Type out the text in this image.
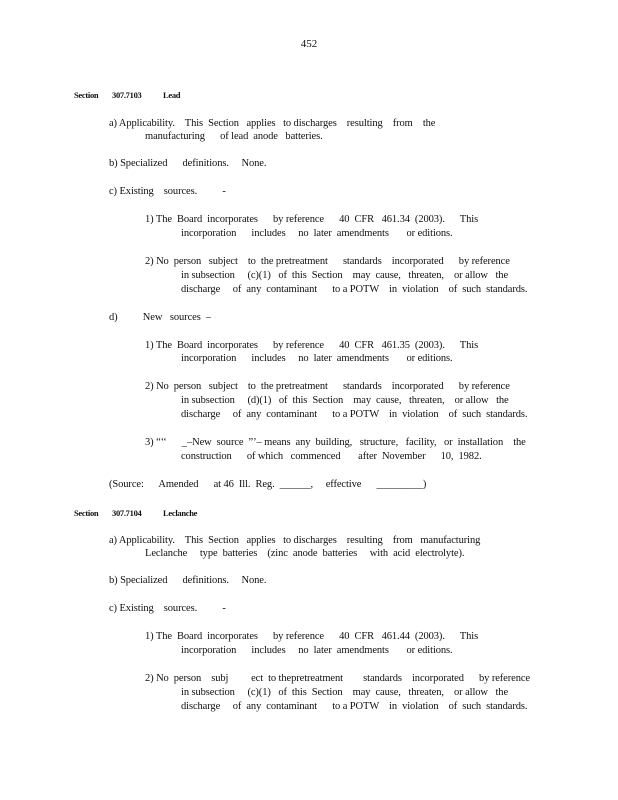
452
Section 307.7103	Lead
a) Applicability.    This  Section   applies   to discharges    resulting    from    the
manufacturing      of lead  anode   batteries.
b) Specialized      definitions.     None.
c) Existing    sources.          -
1) The  Board  incorporates      by reference      40  CFR   461.34  (2003).      This
incorporation      includes     no  later  amendments       or editions.
2) No  person   subject    to  the pretreatment      standards    incorporated      by reference
in subsection     (c)(1)   of  this  Section    may  cause,   threaten,    or allow   the
discharge     of  any  contaminant      to a POTW    in  violation    of  such  standards.
d)          New   sources  –
1) The  Board  incorporates      by reference      40  CFR   461.35  (2003).      This
incorporation      includes     no  later  amendments       or editions.
2) No  person   subject    to  the pretreatment      standards    incorporated      by reference
in subsection     (d)(1)   of  this  Section    may  cause,   threaten,    or allow   the
discharge     of  any  contaminant      to a POTW    in  violation    of  such  standards.
3) “‘‘      _–New  source  ”’– means  any  building,   structure,   facility,   or  installation    the
construction      of which   commenced       after  November      10,  1982.
(Source:      Amended      at 46  Ill.  Reg.  ______,     effective      _________)
Section 307.7104	Leclanche
a) Applicability.    This  Section   applies   to discharges    resulting    from   manufacturing
Leclanche     type  batteries    (zinc  anode  batteries     with  acid  electrolyte).
b) Specialized      definitions.     None.
c) Existing    sources.          -
1) The  Board  incorporates      by reference      40  CFR   461.44  (2003).      This
incorporation      includes     no  later  amendments       or editions.
2) No  person    subj         ect  to thepretreatment        standards    incorporated      by reference
in subsection     (c)(1)   of  this  Section    may  cause,   threaten,    or allow   the
discharge     of  any  contaminant      to a POTW    in  violation    of  such  standards.
